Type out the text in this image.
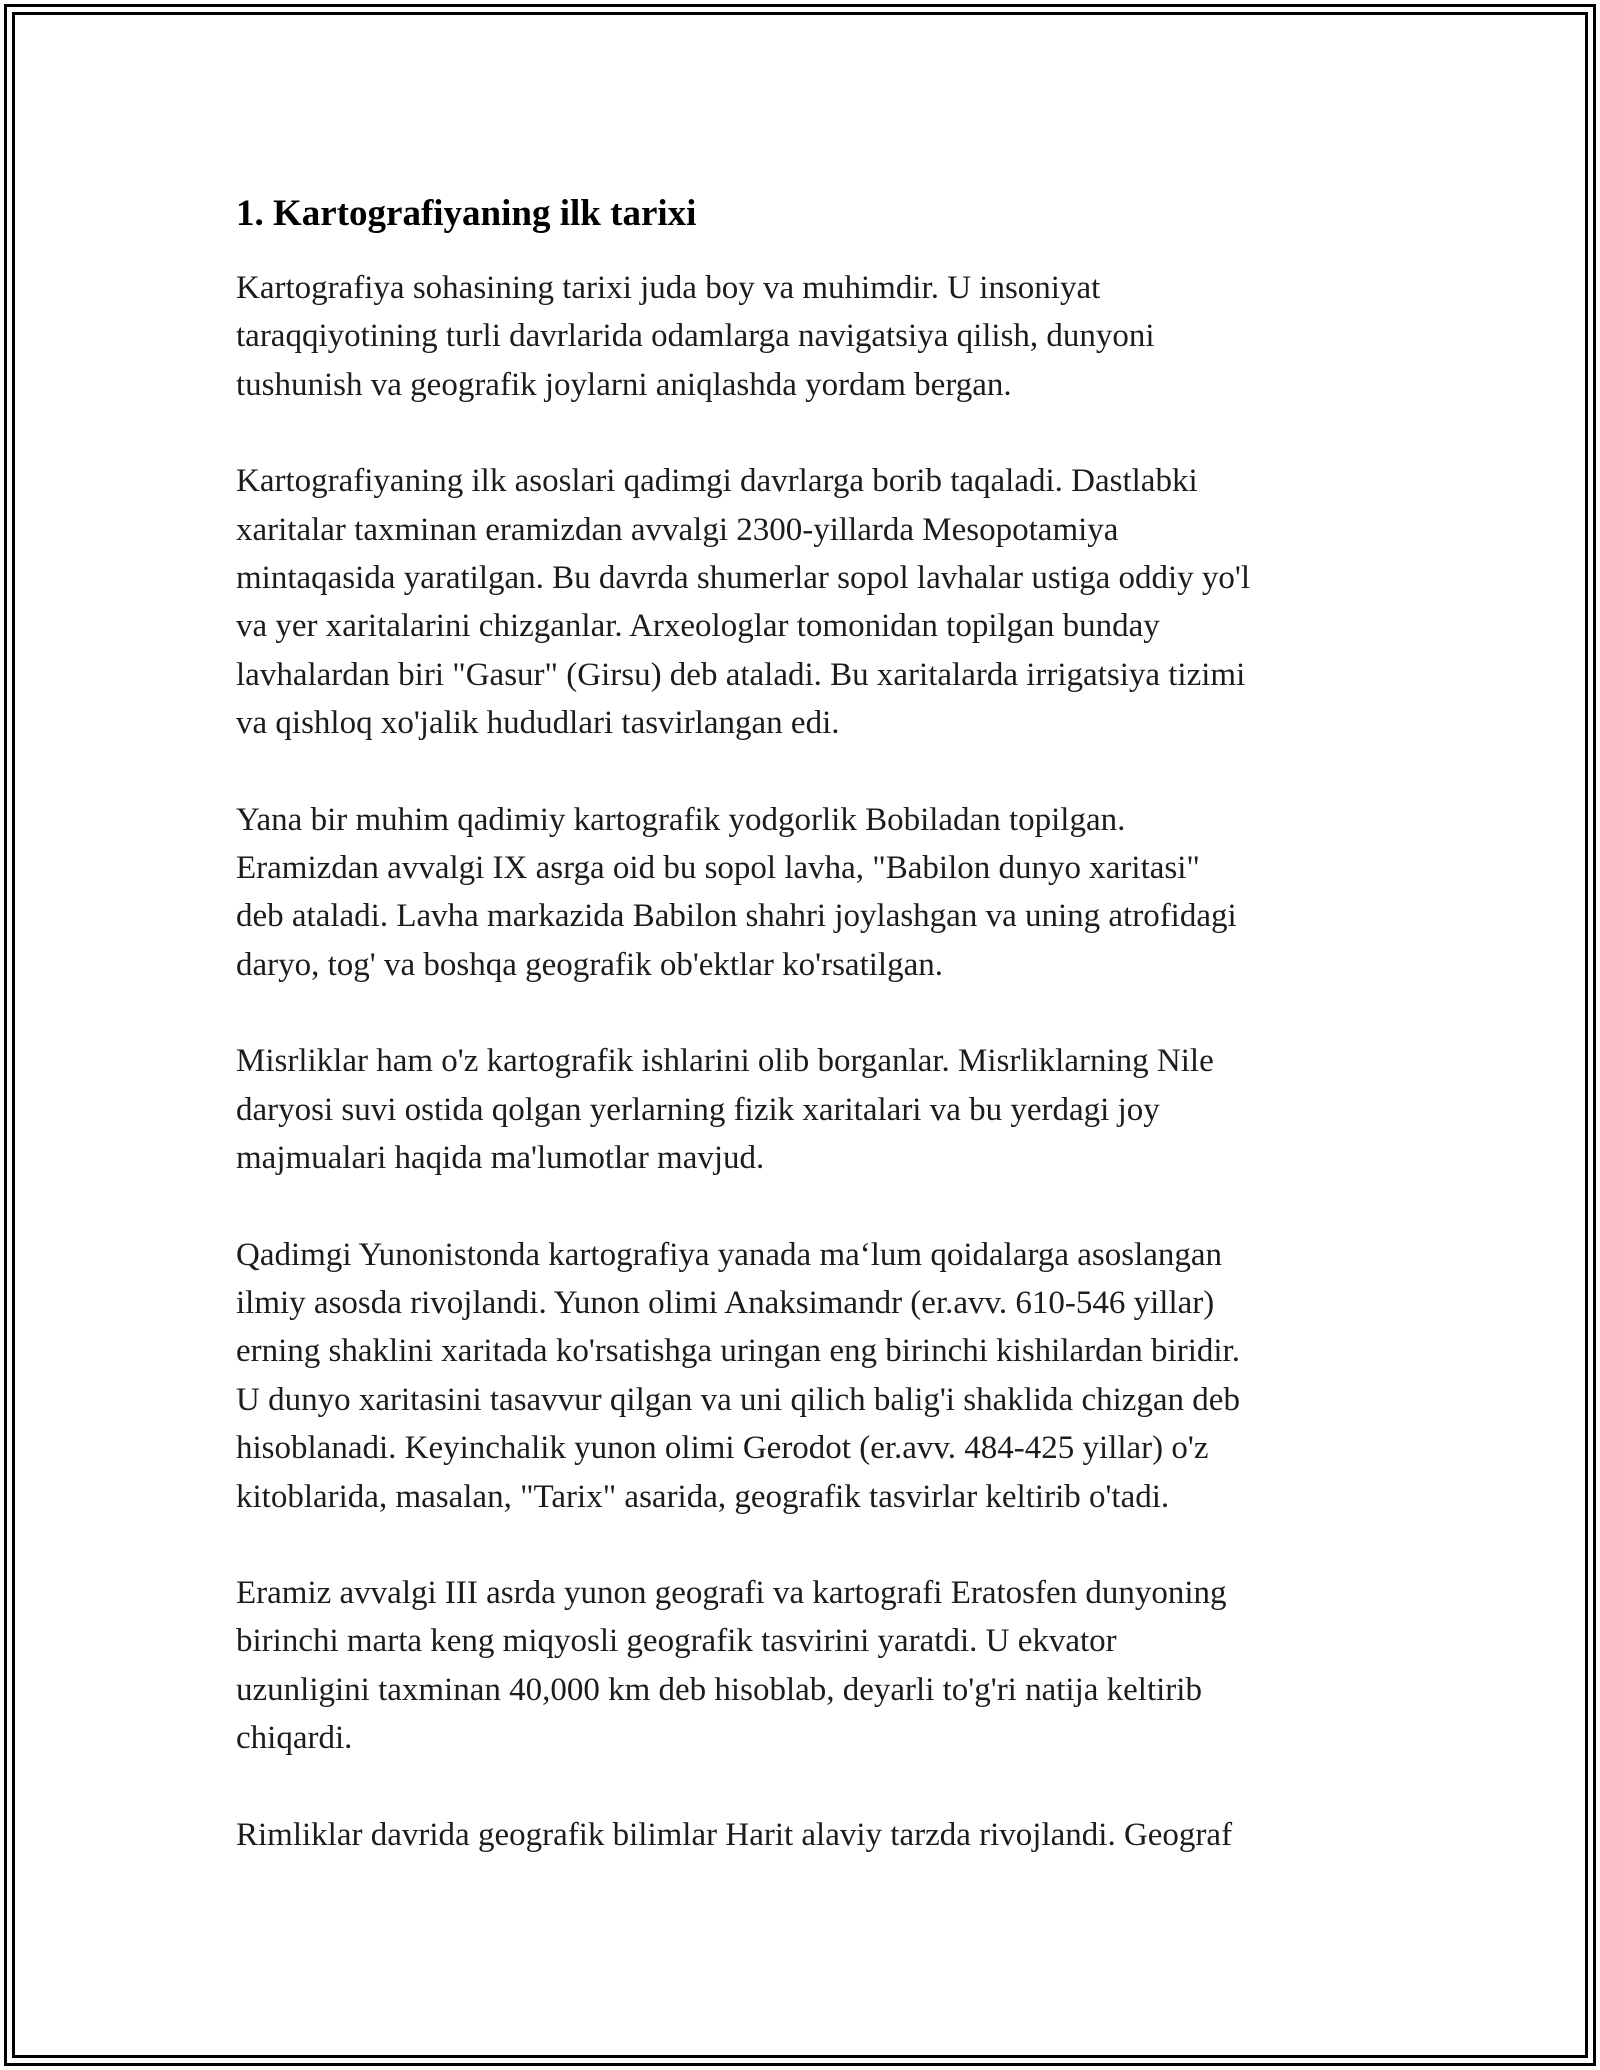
1. Kartografiyaning ilk tarixi

Kartografiya sohasining tarixi juda boy va muhimdir. U insoniyat
taraqqiyotining turli davrlarida odamlarga navigatsiya qilish, dunyoni
tushunish va geografik joylarni aniqlashda yordam bergan.

Kartografiyaning ilk asoslari qadimgi davrlarga borib taqaladi. Dastlabki
xaritalar taxminan eramizdan avvalgi 2300-yillarda Mesopotamiya
mintaqasida yaratilgan. Bu davrda shumerlar sopol lavhalar ustiga oddiy yo'l
va yer xaritalarini chizganlar. Arxeologlar tomonidan topilgan bunday
lavhalardan biri "Gasur" (Girsu) deb ataladi. Bu xaritalarda irrigatsiya tizimi
va qishloq xo'jalik hududlari tasvirlangan edi.

Yana bir muhim qadimiy kartografik yodgorlik Bobiladan topilgan.
Eramizdan avvalgi IX asrga oid bu sopol lavha, "Babilon dunyo xaritasi"
deb ataladi. Lavha markazida Babilon shahri joylashgan va uning atrofidagi
daryo, tog' va boshqa geografik ob'ektlar ko'rsatilgan.

Misrliklar ham o'z kartografik ishlarini olib borganlar. Misrliklarning Nile
daryosi suvi ostida qolgan yerlarning fizik xaritalari va bu yerdagi joy
majmualari haqida ma'lumotlar mavjud.

Qadimgi Yunonistonda kartografiya yanada maʻlum qoidalarga asoslangan
ilmiy asosda rivojlandi. Yunon olimi Anaksimandr (er.avv. 610-546 yillar)
erning shaklini xaritada ko'rsatishga uringan eng birinchi kishilardan biridir.
U dunyo xaritasini tasavvur qilgan va uni qilich balig'i shaklida chizgan deb
hisoblanadi. Keyinchalik yunon olimi Gerodot (er.avv. 484-425 yillar) o'z
kitoblarida, masalan, "Tarix" asarida, geografik tasvirlar keltirib o'tadi.

Eramiz avvalgi III asrda yunon geografi va kartografi Eratosfen dunyoning
birinchi marta keng miqyosli geografik tasvirini yaratdi. U ekvator
uzunligini taxminan 40,000 km deb hisoblab, deyarli to'g'ri natija keltirib
chiqardi.

Rimliklar davrida geografik bilimlar Harit alaviy tarzda rivojlandi. Geograf
